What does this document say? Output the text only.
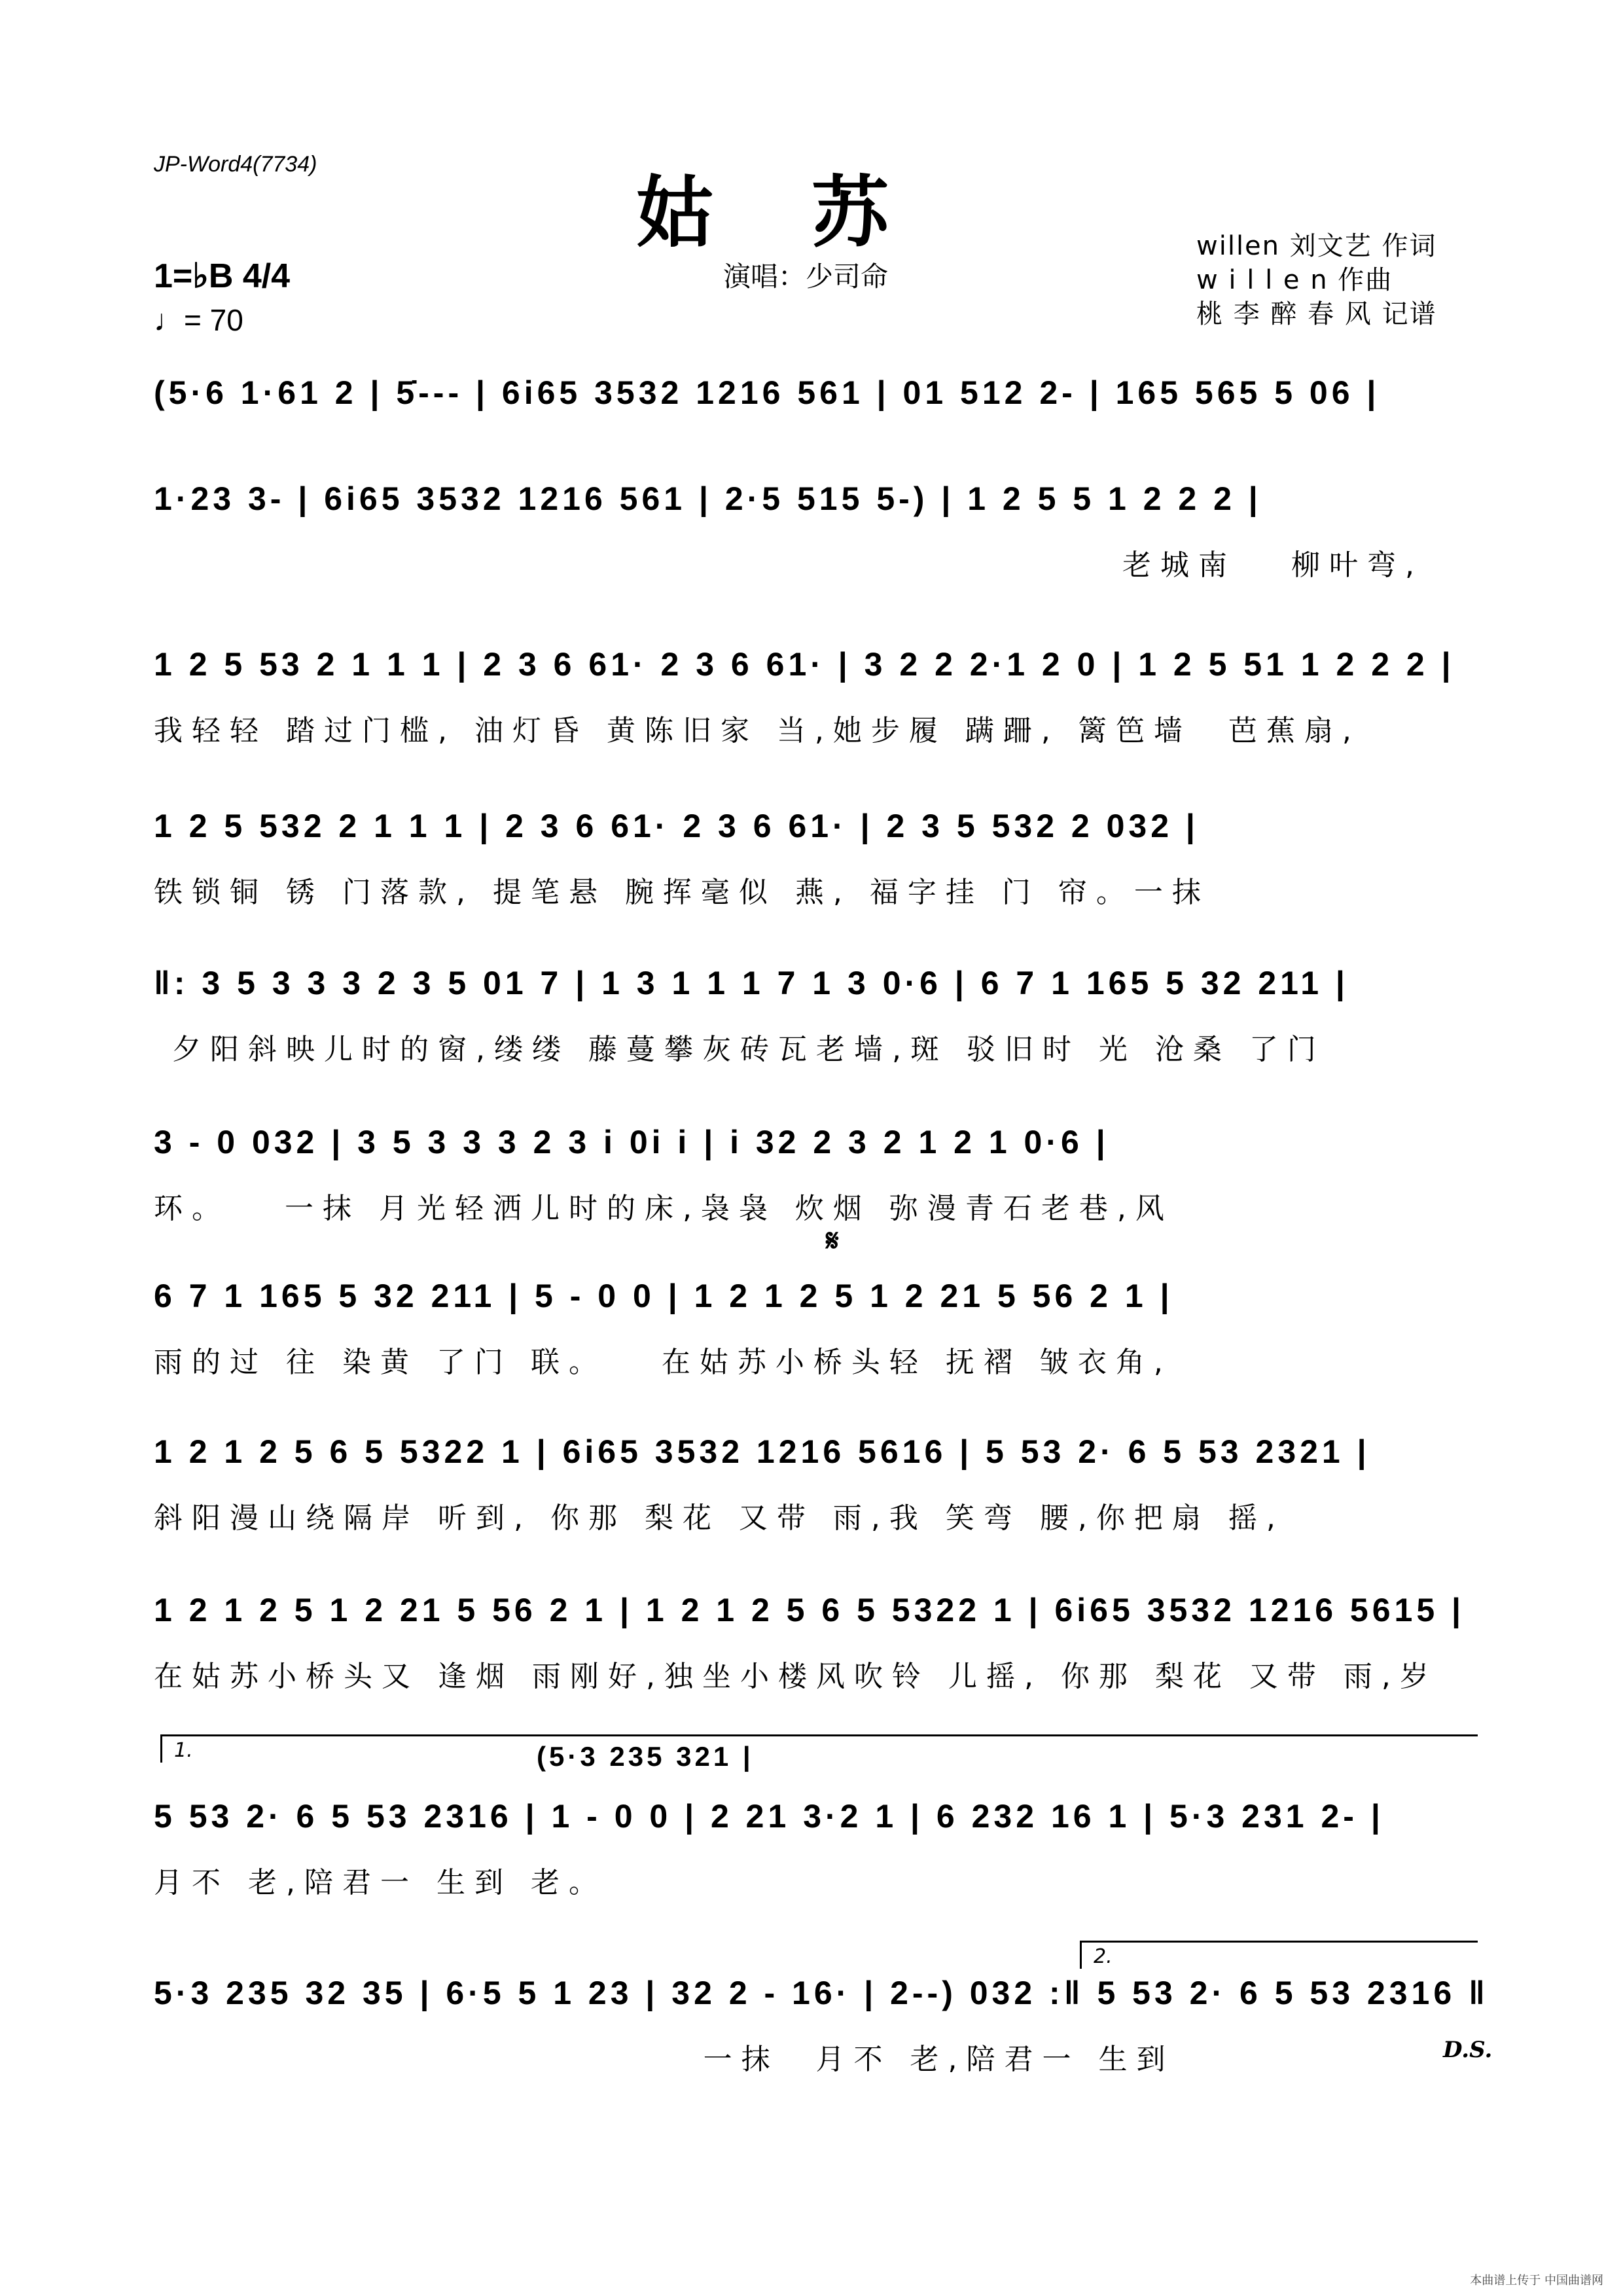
JP-Word4(7734)
姑苏
1=♭B 4/4
♩= 70
演唱：少司命
willen 刘文艺 作词
w i l l e n 作曲
桃 李 醉 春 风 记谱
(5·6 1·61 2 | 5̇--- | 6i65 3532 1216 561 | 01 512 2- | 165 565 5 06 |
1·23 3- | 6i65 3532 1216 561 | 2·5 515 5-) | 1 2 5 5 1 2 2 2 |
老城南   柳叶弯,
1 2 5 53 2 1 1 1 | 2 3 6 61· 2 3 6 61· | 3 2 2 2·1 2 0 | 1 2 5 51 1 2 2 2 |
我轻轻 踏过门槛, 油灯昏 黄陈旧家 当,她步履 蹒跚, 篱笆墙  芭蕉扇,
1 2 5 532 2 1 1 1 | 2 3 6 61· 2 3 6 61· | 2 3 5 532 2 032 |
铁锁铜 锈 门落款, 提笔悬 腕挥毫似 燕, 福字挂 门 帘。一抹
‖: 3 5 3 3 3 2 3 5 01 7 | 1 3 1 1 1 7 1 3 0·6 | 6 7 1 165 5 32 211 |
夕阳斜映儿时的窗,缕缕 藤蔓攀灰砖瓦老墙,斑 驳旧时 光 沧桑 了门
3 - 0 032 | 3 5 3 3 3 2 3 i 0i i | i 32 2 3 2 1 2 1 0·6 |
环。   一抹 月光轻洒儿时的床,袅袅 炊烟 弥漫青石老巷,风
𝄋
6 7 1 165 5 32 211 | 5 - 0 0 | 1 2 1 2 5 1 2 21 5 56 2 1 |
雨的过 往 染黄 了门 联。   在姑苏小桥头轻 抚褶 皱衣角,
1 2 1 2 5 6 5 5322 1 | 6i65 3532 1216 5616 | 5 53 2· 6 5 53 2321 |
斜阳漫山绕隔岸 听到, 你那 梨花 又带 雨,我 笑弯 腰,你把扇 摇,
1 2 1 2 5 1 2 21 5 56 2 1 | 1 2 1 2 5 6 5 5322 1 | 6i65 3532 1216 5615 |
在姑苏小桥头又 逢烟 雨刚好,独坐小楼风吹铃 儿摇, 你那 梨花 又带 雨,岁
1.	(5·3 235 321 |
5 53 2· 6 5 53 2316 | 1 - 0 0 | 2 21 3·2 1 | 6 232 16 1 | 5·3 231 2- |
月不 老,陪君一 生到 老。
2.
5·3 235 32 35 | 6·5 5 1 23 | 32 2 - 16· | 2--) 032 :‖ 5 53 2· 6 5 53 2316 ‖
一抹  月不 老,陪君一 生到	D.S.
本曲谱上传于 中国曲谱网
